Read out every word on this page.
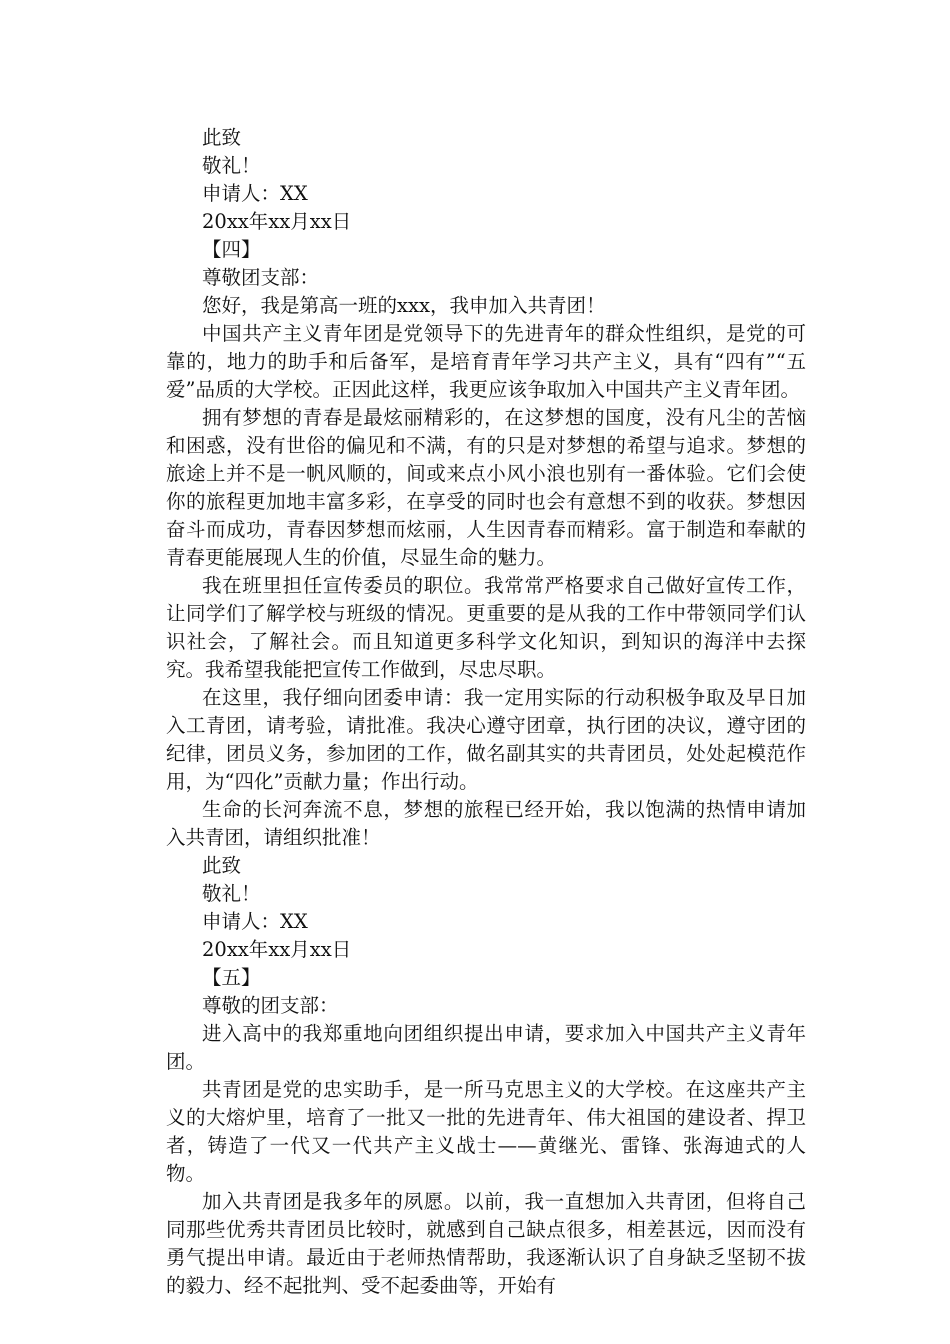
此致
敬礼！
申请人：XX
20xx年xx月xx日
【四】
尊敬团支部：
您好，我是第高一班的xxx，我申加入共青团！
中国共产主义青年团是党领导下的先进青年的群众性组织，是党的可靠的，地力的助手和后备军，是培育青年学习共产主义，具有“四有”“五爱”品质的大学校。正因此这样，我更应该争取加入中国共产主义青年团。
拥有梦想的青春是最炫丽精彩的，在这梦想的国度，没有凡尘的苦恼和困惑，没有世俗的偏见和不满，有的只是对梦想的希望与追求。梦想的旅途上并不是一帆风顺的，间或来点小风小浪也别有一番体验。它们会使你的旅程更加地丰富多彩，在享受的同时也会有意想不到的收获。梦想因奋斗而成功，青春因梦想而炫丽，人生因青春而精彩。富于制造和奉献的青春更能展现人生的价值，尽显生命的魅力。
我在班里担任宣传委员的职位。我常常严格要求自己做好宣传工作，让同学们了解学校与班级的情况。更重要的是从我的工作中带领同学们认识社会，了解社会。而且知道更多科学文化知识，到知识的海洋中去探究。我希望我能把宣传工作做到，尽忠尽职。
在这里，我仔细向团委申请：我一定用实际的行动积极争取及早日加入工青团，请考验，请批准。我决心遵守团章，执行团的决议，遵守团的纪律，团员义务，参加团的工作，做名副其实的共青团员，处处起模范作用，为“四化”贡献力量；作出行动。
生命的长河奔流不息，梦想的旅程已经开始，我以饱满的热情申请加入共青团，请组织批准！
此致
敬礼！
申请人：XX
20xx年xx月xx日
【五】
尊敬的团支部：
进入高中的我郑重地向团组织提出申请，要求加入中国共产主义青年团。
共青团是党的忠实助手，是一所马克思主义的大学校。在这座共产主义的大熔炉里，培育了一批又一批的先进青年、伟大祖国的建设者、捍卫者，铸造了一代又一代共产主义战士——黄继光、雷锋、张海迪式的人物。
加入共青团是我多年的夙愿。以前，我一直想加入共青团，但将自己同那些优秀共青团员比较时，就感到自己缺点很多，相差甚远，因而没有勇气提出申请。最近由于老师热情帮助，我逐渐认识了自身缺乏坚韧不拔的毅力、经不起批判、受不起委曲等，开始有
